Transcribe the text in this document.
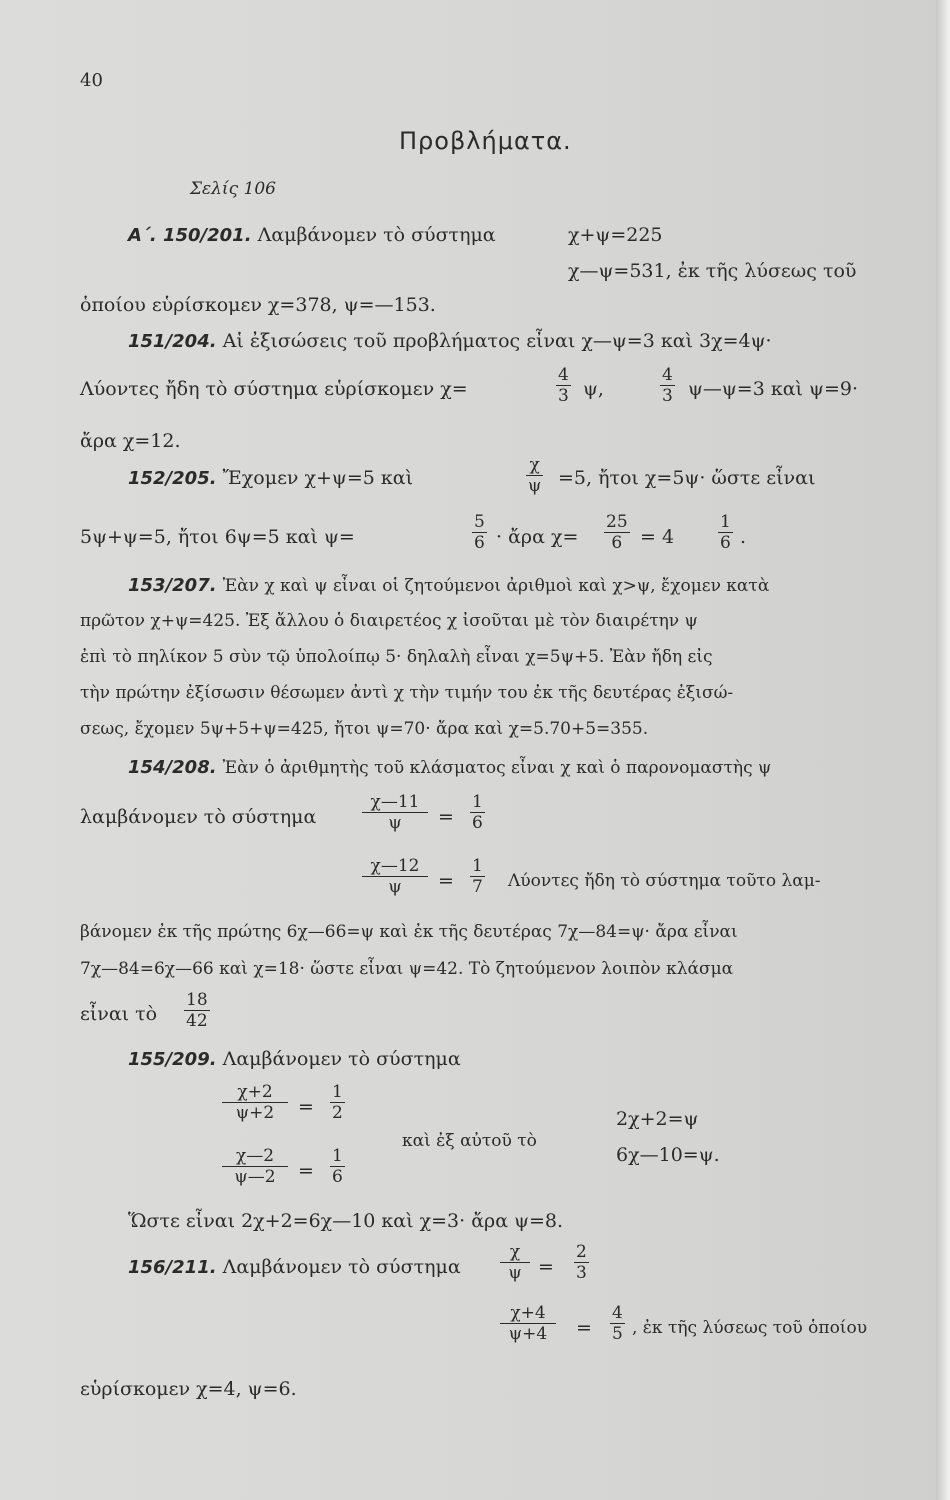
40
Προβλήματα.
Σελίς 106
Α΄. 150/201. Λαμβάνομεν τὸ σύστημα	χ+ψ=225
χ—ψ=531, ἐκ τῆς λύσεως τοῦ
ὁποίου εὑρίσκομεν χ=378, ψ=—153.
151/204. Αἱ ἐξισώσεις τοῦ προβλήματος εἶναι χ—ψ=3 καὶ 3χ=4ψ·
Λύοντες ἤδη τὸ σύστημα εὑρίσκομεν χ=	$\frac{4}{3} \psi$,	$\frac{4}{3}$ ψ—ψ=3 καὶ ψ=9·
ἄρα χ=12.
152/205. Ἔχομεν χ+ψ=5 καὶ	$\frac{\chi}{\psi} =5$, ἤτοι χ=5ψ· ὥστε εἶναι
5ψ+ψ=5, ἤτοι 6ψ=5 καὶ ψ=	$\frac{5}{6}$ · ἄρα $\chi= \frac{25}{6} = 4$	$\frac{1}{6}$ .
153/207. Ἐὰν χ καὶ ψ εἶναι οἱ ζητούμενοι ἀριθμοὶ καὶ χ>ψ, ἔχομεν κατὰ
πρῶτον χ+ψ=425. Ἐξ ἄλλου ὁ διαιρετέος χ ἰσοῦται μὲ τὸν διαιρέτην ψ
ἐπὶ τὸ πηλίκον 5 σὺν τῷ ὑπολοίπῳ 5· δηλαλὴ εἶναι χ=5ψ+5. Ἐὰν ἤδη εἰς
τὴν πρώτην ἐξίσωσιν θέσωμεν ἀντὶ χ τὴν τιμήν του ἐκ τῆς δευτέρας ἐξισώ-
σεως, ἔχομεν 5ψ+5+ψ=425, ἤτοι ψ=70· ἄρα καὶ χ=5.70+5=355.
154/208. Ἐὰν ὁ ἀριθμητὴς τοῦ κλάσματος εἶναι χ καὶ ὁ παρονομαστὴς ψ
λαμβάνομεν τὸ σύστημα	$\frac{\chi—11}{\psi} = \frac{1}{6}$
$\frac{\chi—12}{\psi} = \frac{1}{7}$ Λύοντες ἤδη τὸ σύστημα τοῦτο λαμ-
βάνομεν ἐκ τῆς πρώτης 6χ—66=ψ καὶ ἐκ τῆς δευτέρας 7χ—84=ψ· ἄρα εἶναι
7χ—84=6χ—66 καὶ χ=18· ὥστε εἶναι ψ=42. Τὸ ζητούμενον λοιπὸν κλάσμα
εἶναι τὸ $\frac{18}{42}$
155/209. Λαμβάνομεν τὸ σύστημα
$\frac{\chi+2}{\psi+2} = \frac{1}{2}$
$\frac{\chi—2}{\psi—2} = \frac{1}{6}$
καὶ ἐξ αὐτοῦ τὸ
2χ+2=ψ
6χ—10=ψ.
Ὥστε εἶναι 2χ+2=6χ—10 καὶ χ=3· ἄρα ψ=8.
156/211. Λαμβάνομεν τὸ σύστημα $\frac{\chi}{\psi} = \frac{2}{3}$
$\frac{\chi+4}{\psi+4} = \frac{4}{5}$ , ἐκ τῆς λύσεως τοῦ ὁποίου
εὑρίσκομεν χ=4, ψ=6.
